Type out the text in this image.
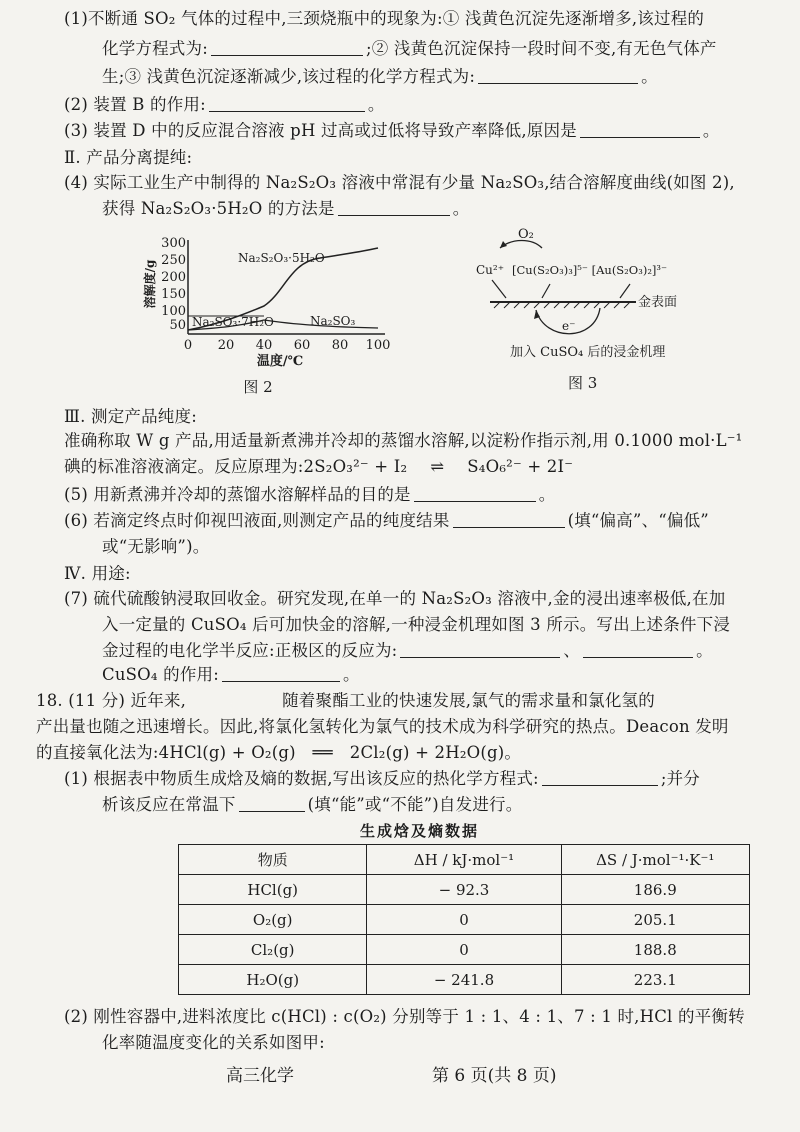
(1)不断通 SO₂ 气体的过程中,三颈烧瓶中的现象为:① 浅黄色沉淀先逐渐增多,该过程的
化学方程式为:	;② 浅黄色沉淀保持一段时间不变,有无色气体产
生;③ 浅黄色沉淀逐渐减少,该过程的化学方程式为:	。
(2) 装置 B 的作用:	。
(3) 装置 D 中的反应混合溶液 pH 过高或过低将导致产率降低,原因是	。
Ⅱ. 产品分离提纯:
(4) 实际工业生产中制得的 Na₂S₂O₃ 溶液中常混有少量 Na₂SO₃,结合溶解度曲线(如图 2),
获得 Na₂S₂O₃·5H₂O 的方法是	。
300
250
200
150
100
50
0 20 40 60 80 100
溶解度/g
温度/℃
Na₂S₂O₃·5H₂O
Na₂SO₃·7H₂O	Na₂SO₃
图 2
O₂
Cu²⁺ [Cu(S₂O₃)₃]⁵⁻ [Au(S₂O₃)₂]³⁻
金表面
e⁻
加入 CuSO₄ 后的浸金机理
图 3
Ⅲ. 测定产品纯度:
准确称取 W g 产品,用适量新煮沸并冷却的蒸馏水溶解,以淀粉作指示剂,用 0.1000 mol·L⁻¹
碘的标准溶液滴定。反应原理为:2S₂O₃²⁻ + I₂ ⇌ S₄O₆²⁻ + 2I⁻
(5) 用新煮沸并冷却的蒸馏水溶解样品的目的是	。
(6) 若滴定终点时仰视凹液面,则测定产品的纯度结果	(填“偏高”、“偏低”
或“无影响”)。
Ⅳ. 用途:
(7) 硫代硫酸钠浸取回收金。研究发现,在单一的 Na₂S₂O₃ 溶液中,金的浸出速率极低,在加
入一定量的 CuSO₄ 后可加快金的溶解,一种浸金机理如图 3 所示。写出上述条件下浸
金过程的电化学半反应:正极区的反应为:	、	。
CuSO₄ 的作用:	。
18. (11 分) 近年来,	随着聚酯工业的快速发展,氯气的需求量和氯化氢的
产出量也随之迅速增长。因此,将氯化氢转化为氯气的技术成为科学研究的热点。Deacon 发明
的直接氧化法为:4HCl(g) + O₂(g) ══ 2Cl₂(g) + 2H₂O(g)。
(1) 根据表中物质生成焓及熵的数据,写出该反应的热化学方程式:	;并分
析该反应在常温下	(填“能”或“不能”)自发进行。
生成焓及熵数据
物质	ΔH / kJ·mol⁻¹	ΔS / J·mol⁻¹·K⁻¹
HCl(g)	− 92.3	186.9
O₂(g)	0	205.1
Cl₂(g)	0	188.8
H₂O(g)	− 241.8	223.1
(2) 刚性容器中,进料浓度比 c(HCl) : c(O₂) 分别等于 1 : 1、4 : 1、7 : 1 时,HCl 的平衡转
化率随温度变化的关系如图甲:
高三化学	第 6 页(共 8 页)
